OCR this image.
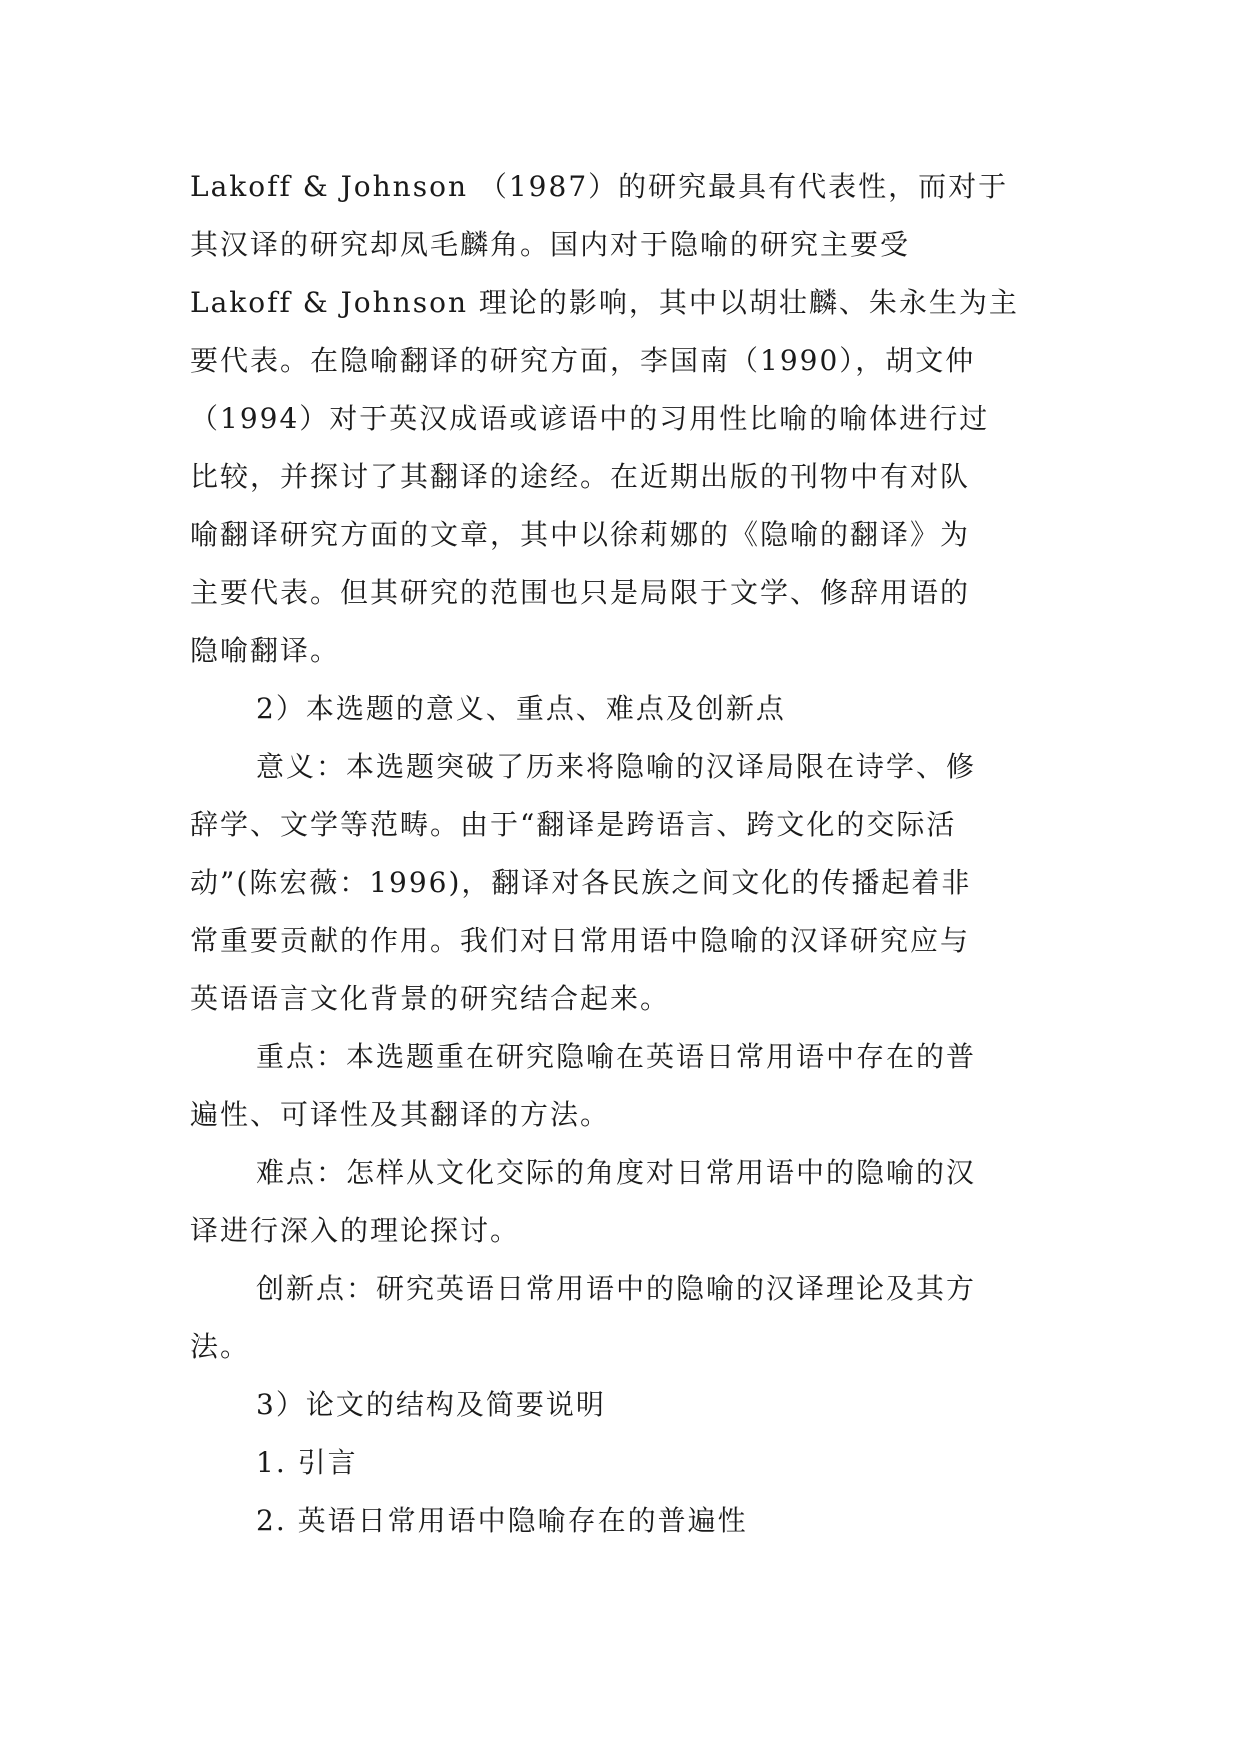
Lakoff & Johnson （1987）的研究最具有代表性，而对于
其汉译的研究却凤毛麟角。国内对于隐喻的研究主要受
Lakoff & Johnson 理论的影响，其中以胡壮麟、朱永生为主
要代表。在隐喻翻译的研究方面，李国南（1990），胡文仲
（1994）对于英汉成语或谚语中的习用性比喻的喻体进行过
比较，并探讨了其翻译的途经。在近期出版的刊物中有对队
喻翻译研究方面的文章，其中以徐莉娜的《隐喻的翻译》为
主要代表。但其研究的范围也只是局限于文学、修辞用语的
隐喻翻译。
2）本选题的意义、重点、难点及创新点
意义：本选题突破了历来将隐喻的汉译局限在诗学、修
辞学、文学等范畴。由于“翻译是跨语言、跨文化的交际活
动”(陈宏薇：1996)，翻译对各民族之间文化的传播起着非
常重要贡献的作用。我们对日常用语中隐喻的汉译研究应与
英语语言文化背景的研究结合起来。
重点：本选题重在研究隐喻在英语日常用语中存在的普
遍性、可译性及其翻译的方法。
难点：怎样从文化交际的角度对日常用语中的隐喻的汉
译进行深入的理论探讨。
创新点：研究英语日常用语中的隐喻的汉译理论及其方
法。
3）论文的结构及简要说明
1. 引言
2. 英语日常用语中隐喻存在的普遍性
